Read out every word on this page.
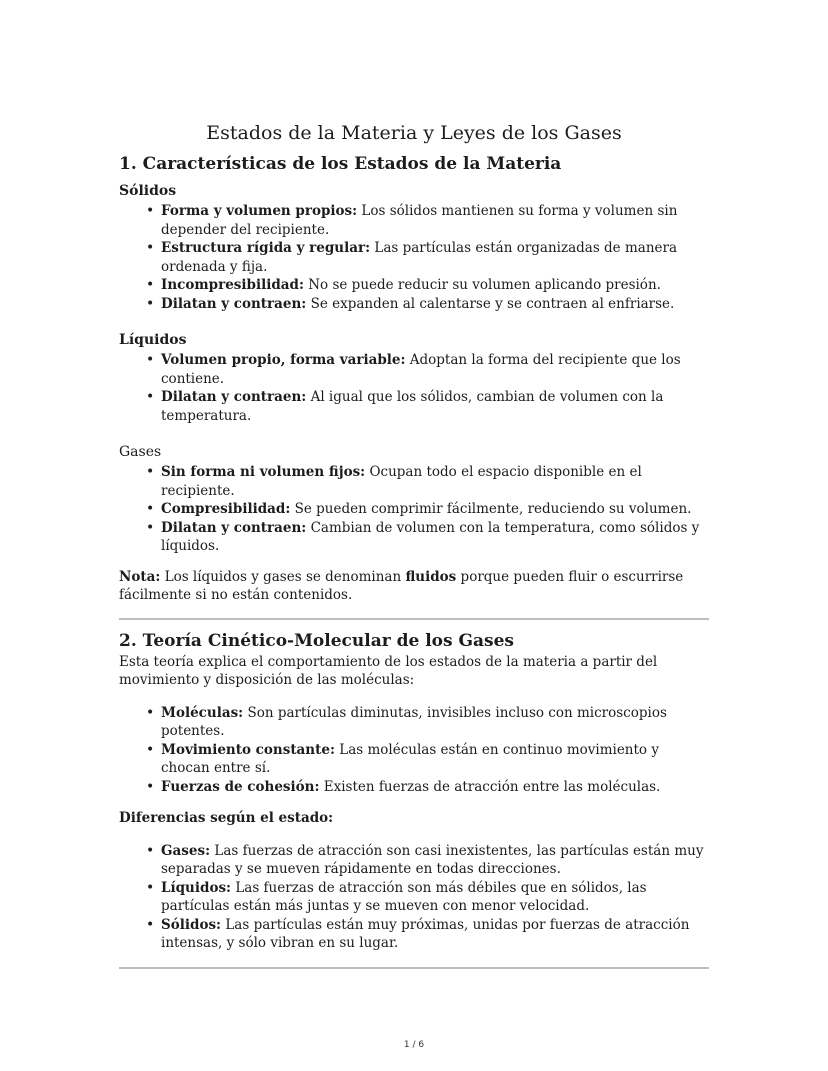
Estados de la Materia y Leyes de los Gases
1. Características de los Estados de la Materia
Sólidos
• Forma y volumen propios: Los sólidos mantienen su forma y volumen sin depender del recipiente.
• Estructura rígida y regular: Las partículas están organizadas de manera ordenada y fija.
• Incompresibilidad: No se puede reducir su volumen aplicando presión.
• Dilatan y contraen: Se expanden al calentarse y se contraen al enfriarse.
Líquidos
• Volumen propio, forma variable: Adoptan la forma del recipiente que los contiene.
• Dilatan y contraen: Al igual que los sólidos, cambian de volumen con la temperatura.
Gases
• Sin forma ni volumen fijos: Ocupan todo el espacio disponible en el recipiente.
• Compresibilidad: Se pueden comprimir fácilmente, reduciendo su volumen.
• Dilatan y contraen: Cambian de volumen con la temperatura, como sólidos y líquidos.

Nota: Los líquidos y gases se denominan fluidos porque pueden fluir o escurrirse fácilmente si no están contenidos.

2. Teoría Cinético-Molecular de los Gases

Esta teoría explica el comportamiento de los estados de la materia a partir del movimiento y disposición de las moléculas:

• Moléculas: Son partículas diminutas, invisibles incluso con microscopios potentes.
• Movimiento constante: Las moléculas están en continuo movimiento y chocan entre sí.
• Fuerzas de cohesión: Existen fuerzas de atracción entre las moléculas.

Diferencias según el estado:

• Gases: Las fuerzas de atracción son casi inexistentes, las partículas están muy separadas y se mueven rápidamente en todas direcciones.
• Líquidos: Las fuerzas de atracción son más débiles que en sólidos, las partículas están más juntas y se mueven con menor velocidad.
• Sólidos: Las partículas están muy próximas, unidas por fuerzas de atracción intensas, y sólo vibran en su lugar.
1 / 6
